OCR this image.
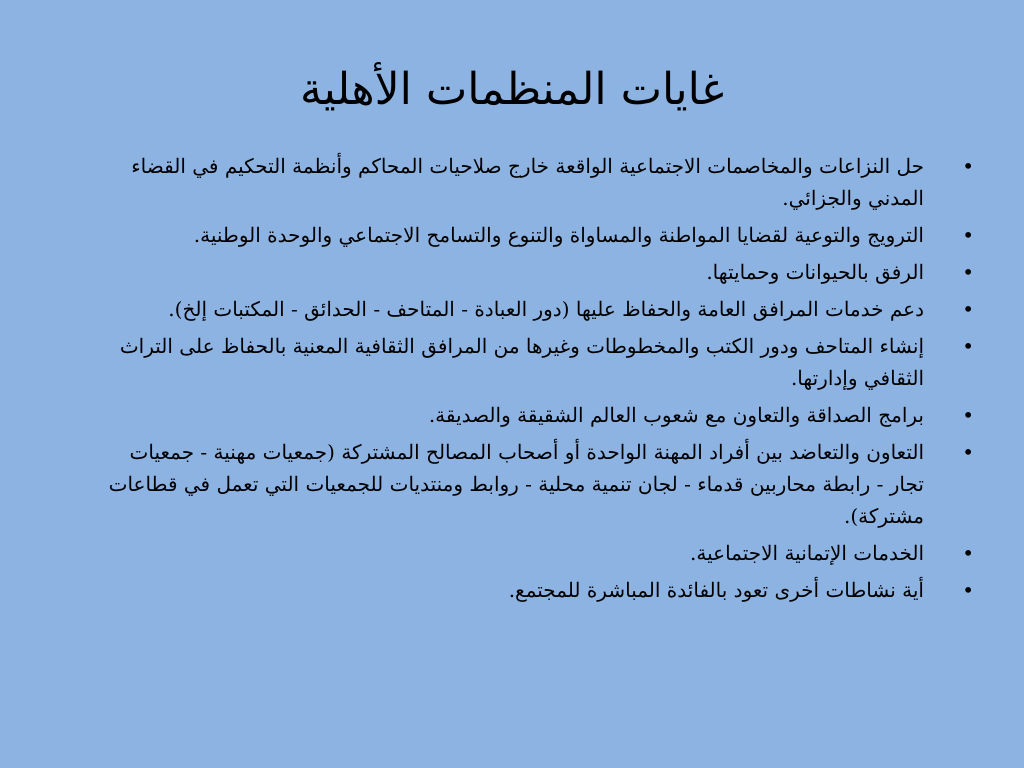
غايات المنظمات الأهلية
•
حل النزاعات والمخاصمات الاجتماعية الواقعة خارج صلاحيات المحاكم وأنظمة التحكيم في القضاء المدني والجزائي.
•
الترويج والتوعية لقضايا المواطنة والمساواة والتنوع والتسامح الاجتماعي والوحدة الوطنية.
•
الرفق بالحيوانات وحمايتها.
•
دعم خدمات المرافق العامة والحفاظ عليها (دور العبادة - المتاحف - الحدائق - المكتبات إلخ).
•
إنشاء المتاحف ودور الكتب والمخطوطات وغيرها من المرافق الثقافية المعنية بالحفاظ على التراث الثقافي وإدارتها.
•
برامج الصداقة والتعاون مع شعوب العالم الشقيقة والصديقة.
•
التعاون والتعاضد بين أفراد المهنة الواحدة أو أصحاب المصالح المشتركة (جمعيات مهنية - جمعيات تجار - رابطة محاربين قدماء - لجان تنمية محلية - روابط ومنتديات للجمعيات التي تعمل في قطاعات مشتركة).
•
الخدمات الإتمانية الاجتماعية.
•
أية نشاطات أخرى تعود بالفائدة المباشرة للمجتمع.
